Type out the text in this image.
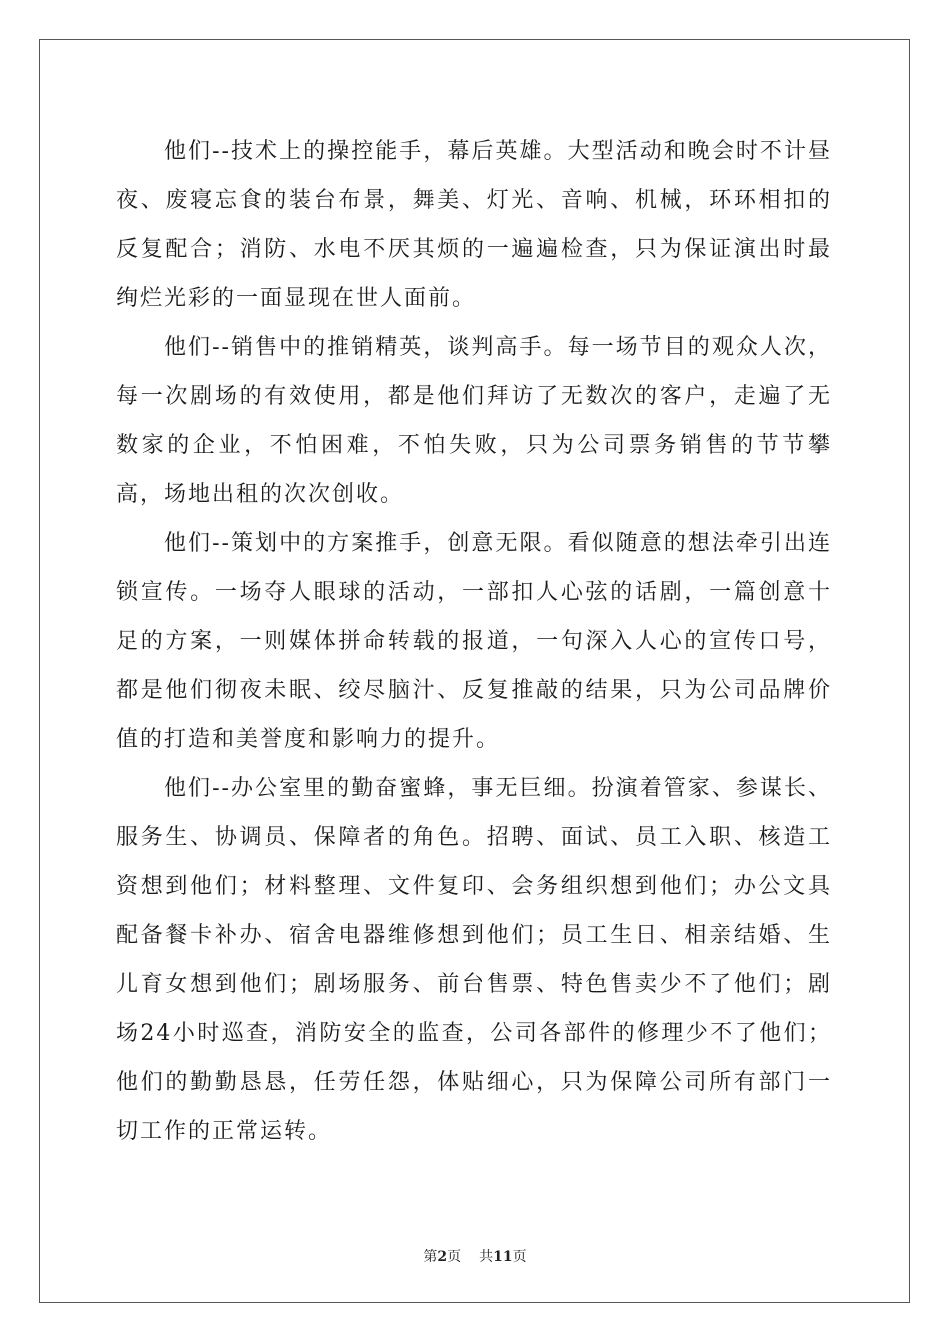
他们--技术上的操控能手，幕后英雄。大型活动和晚会时不计昼夜、废寝忘食的装台布景，舞美、灯光、音响、机械，环环相扣的反复配合；消防、水电不厌其烦的一遍遍检查，只为保证演出时最绚烂光彩的一面显现在世人面前。

他们--销售中的推销精英，谈判高手。每一场节目的观众人次，每一次剧场的有效使用，都是他们拜访了无数次的客户，走遍了无数家的企业，不怕困难，不怕失败，只为公司票务销售的节节攀高，场地出租的次次创收。

他们--策划中的方案推手，创意无限。看似随意的想法牵引出连锁宣传。一场夺人眼球的活动，一部扣人心弦的话剧，一篇创意十足的方案，一则媒体拼命转载的报道，一句深入人心的宣传口号，都是他们彻夜未眠、绞尽脑汁、反复推敲的结果，只为公司品牌价值的打造和美誉度和影响力的提升。

他们--办公室里的勤奋蜜蜂，事无巨细。扮演着管家、参谋长、服务生、协调员、保障者的角色。招聘、面试、员工入职、核造工资想到他们；材料整理、文件复印、会务组织想到他们；办公文具配备餐卡补办、宿舍电器维修想到他们；员工生日、相亲结婚、生儿育女想到他们；剧场服务、前台售票、特色售卖少不了他们；剧场24小时巡查，消防安全的监查，公司各部件的修理少不了他们；他们的勤勤恳恳，任劳任怨，体贴细心，只为保障公司所有部门一切工作的正常运转。

第2页 共11页
